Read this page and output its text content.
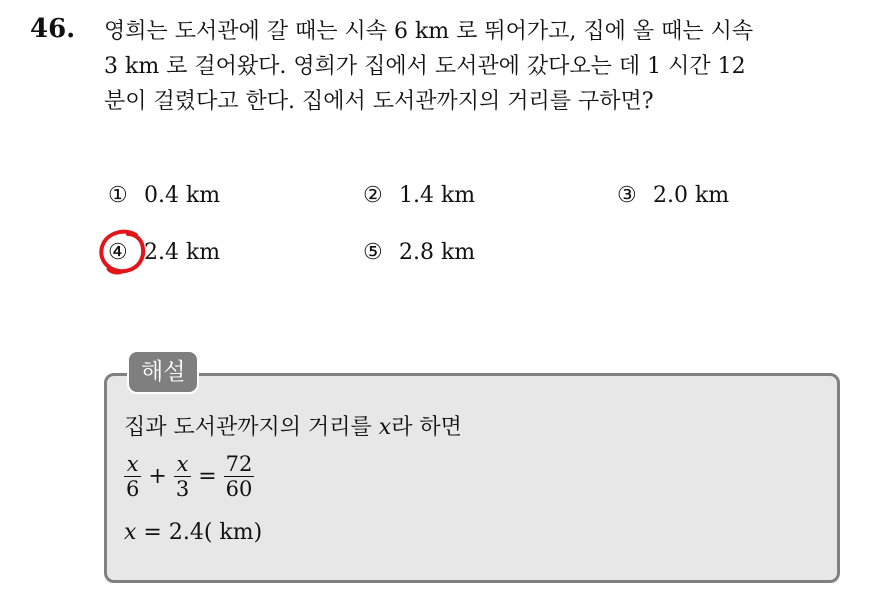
46. 영희는 도서관에 갈 때는 시속 6 km 로 뛰어가고, 집에 올 때는 시속
3 km 로 걸어왔다. 영희가 집에서 도서관에 갔다오는 데 1 시간 12
분이 걸렸다고 한다. 집에서 도서관까지의 거리를 구하면?
① 0.4 km	② 1.4 km	③ 2.0 km
④ 2.4 km	⑤ 2.8 km
해설
집과 도서관까지의 거리를 x라 하면
$\frac{x}{6} + \frac{x}{3} = \frac{72}{60}$
x = 2.4( km)
